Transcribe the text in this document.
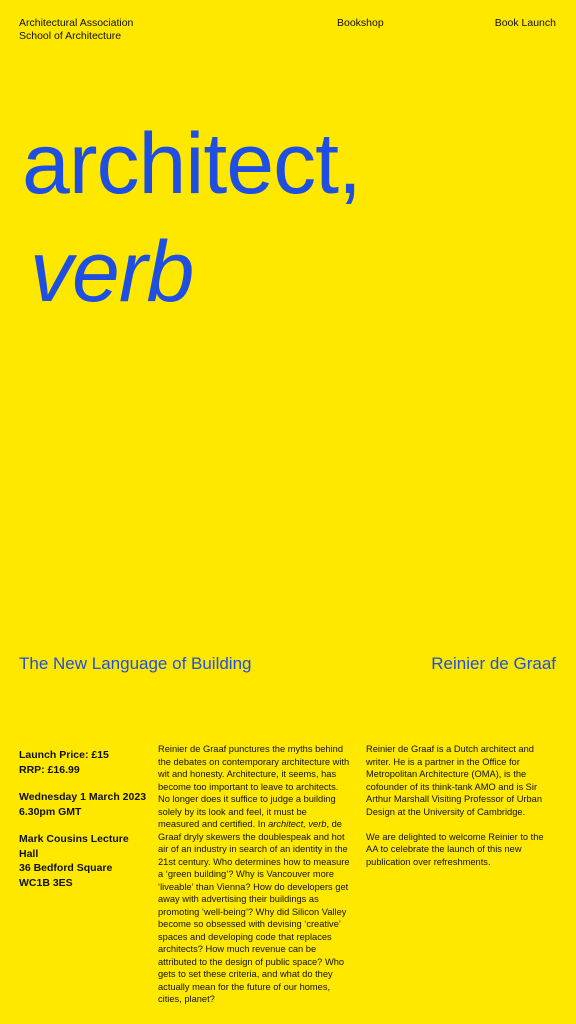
Architectural Association
School of Architecture
Bookshop	Book Launch
architect,
verb
The New Language of Building	Reinier de Graaf

Launch Price: £15
RRP: £16.99

Wednesday 1 March 2023
6.30pm GMT

Mark Cousins Lecture Hall
36 Bedford Square
WC1B 3ES

Reinier de Graaf punctures the myths behind the debates on contemporary architecture with wit and honesty. Architecture, it seems, has become too important to leave to architects. No longer does it suffice to judge a building solely by its look and feel, it must be measured and certified. In architect, verb, de Graaf dryly skewers the doublespeak and hot air of an industry in search of an identity in the 21st century. Who determines how to measure a ‘green building’? Why is Vancouver more ‘liveable’ than Vienna? How do developers get away with advertising their buildings as promoting ‘well-being’? Why did Silicon Valley become so obsessed with devising ‘creative’ spaces and developing code that replaces architects? How much revenue can be attributed to the design of public space? Who gets to set these criteria, and what do they actually mean for the future of our homes, cities, planet?

Reinier de Graaf is a Dutch architect and writer. He is a partner in the Office for Metropolitan Architecture (OMA), is the cofounder of its think-tank AMO and is Sir Arthur Marshall Visiting Professor of Urban Design at the University of Cambridge.

We are delighted to welcome Reinier to the AA to celebrate the launch of this new publication over refreshments.
